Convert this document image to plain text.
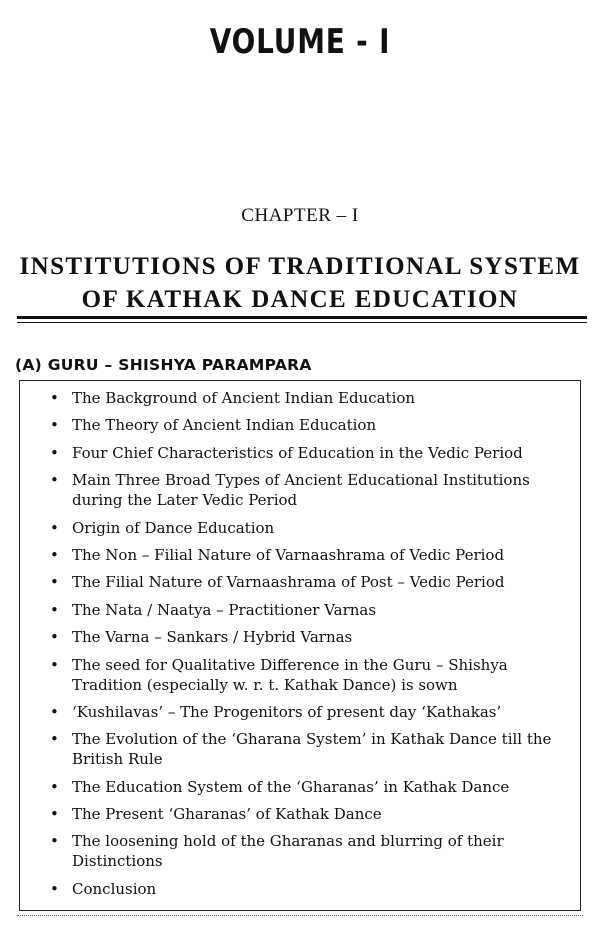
VOLUME - I
CHAPTER – I
INSTITUTIONS OF TRADITIONAL SYSTEM
OF KATHAK DANCE EDUCATION
(A) GURU – SHISHYA PARAMPARA
• The Background of Ancient Indian Education
• The Theory of Ancient Indian Education
• Four Chief Characteristics of Education in the Vedic Period
• Main Three Broad Types of Ancient Educational Institutions during the Later Vedic Period
• Origin of Dance Education
• The Non – Filial Nature of Varnaashrama of Vedic Period
• The Filial Nature of Varnaashrama of Post – Vedic Period
• The Nata / Naatya – Practitioner Varnas
• The Varna – Sankars / Hybrid Varnas
• The seed for Qualitative Difference in the Guru – Shishya Tradition (especially w. r. t. Kathak Dance) is sown
• ‘Kushilavas’ – The Progenitors of present day ‘Kathakas’
• The Evolution of the ‘Gharana System’ in Kathak Dance till the British Rule
• The Education System of the ‘Gharanas’ in Kathak Dance
• The Present ‘Gharanas’ of Kathak Dance
• The loosening hold of the Gharanas and blurring of their Distinctions
• Conclusion
